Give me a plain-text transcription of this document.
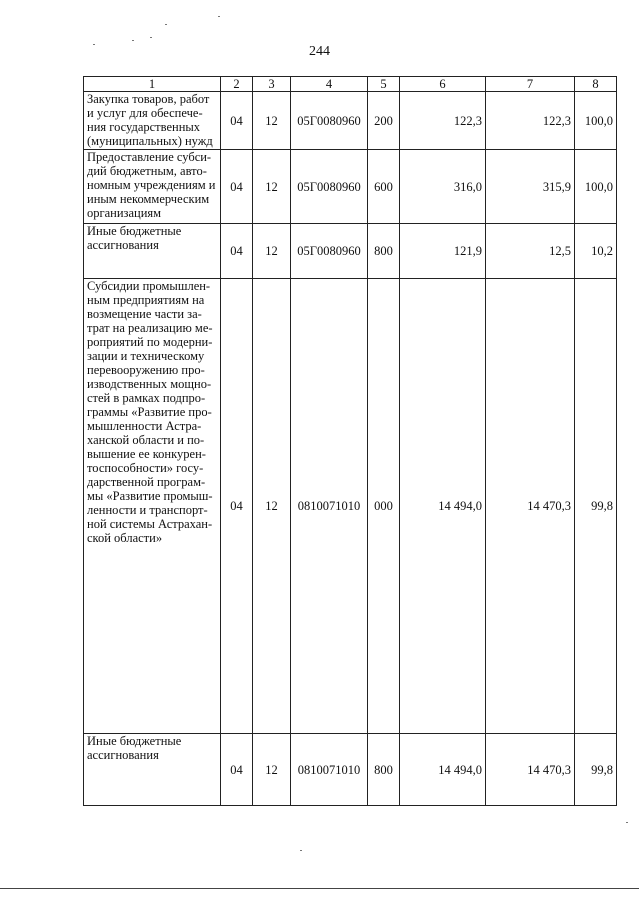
244
1	2	3	4	5	6	7	8
Закупка товаров, работ и услуг для обеспече-ния государственных (муниципальных) нужд	04	12	05Г0080960	200	122,3	122,3	100,0
Предоставление субси-дий бюджетным, авто-номным учреждениям и иным некоммерческим организациям	04	12	05Г0080960	600	316,0	315,9	100,0
Иные бюджетные ассигнования	04	12	05Г0080960	800	121,9	12,5	10,2
Субсидии промышлен-ным предприятиям на возмещение части за-трат на реализацию ме-роприятий по модерни-зации и техническому перевооружению про-изводственных мощно-стей в рамках подпро-граммы «Развитие про-мышленности Астра-ханской области и по-вышение ее конкурен-тоспособности» госу-дарственной програм-мы «Развитие промыш-ленности и транспорт-ной системы Астрахан-ской области»	04	12	0810071010	000	14 494,0	14 470,3	99,8
Иные бюджетные ассигнования	04	12	0810071010	800	14 494,0	14 470,3	99,8
